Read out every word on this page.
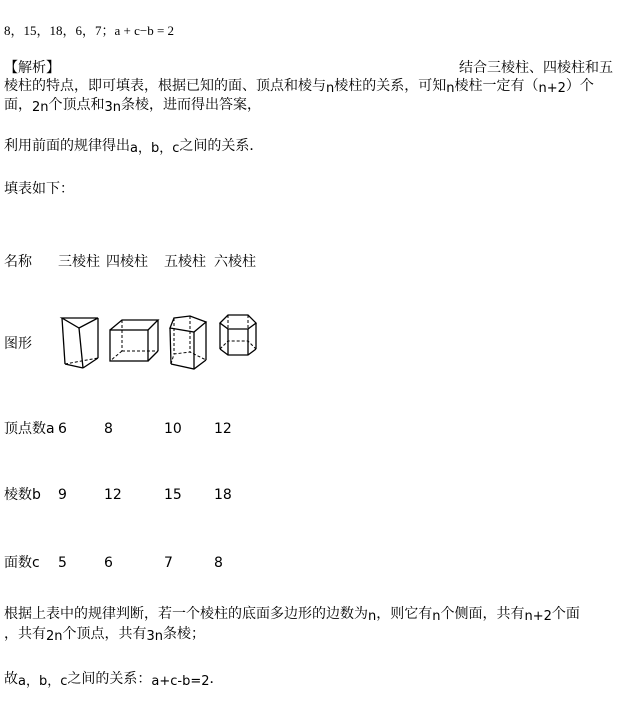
8，15，18，6，7；a + c−b = 2
【解析】	结合三棱柱、四棱柱和五
棱柱的特点，即可填表，根据已知的面、顶点和棱与n棱柱的关系，可知n棱柱一定有（n+2）个
面，2n个顶点和3n条棱，进而得出答案，
利用前面的规律得出a，b，c之间的关系．
填表如下：
名称 三棱柱 四棱柱 五棱柱 六棱柱
图形
顶点数a 6	8	10 12
棱数b 9	12	15 18
面数c 5	6	7	8
根据上表中的规律判断，若一个棱柱的底面多边形的边数为n，则它有n个侧面，共有n+2个面
，共有2n个顶点，共有3n条棱；
故a，b，c之间的关系：a+c-b=2．
